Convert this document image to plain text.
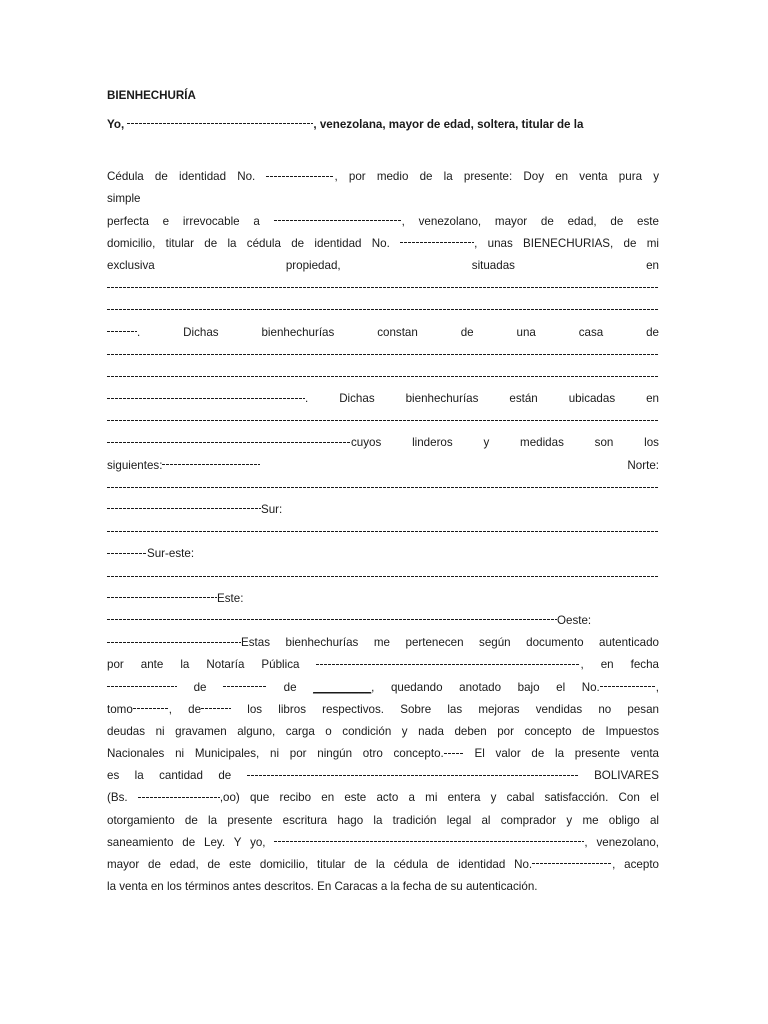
BIENHECHURÍA
Yo,	, venezolana, mayor de edad, soltera, titular de la
Cédula de identidad No.	, por medio de la presente: Doy en venta pura y
simple
perfecta e irrevocable a	, venezolano, mayor de edad, de este
domicilio, titular de la cédula de identidad No.	, unas BIENECHURIAS, de mi
exclusiva	propiedad,	situadas	en
.	Dichas	bienhechurías	constan	de	una	casa de
.	Dichas	bienhechurías	están	ubicadas	en
cuyos	linderos	y	medidas	son	los
siguientes:	Norte:
Sur:
Sur-este:
Este:
Oeste:
Estas bienhechurías me pertenecen según documento autenticado
por ante la Notaría Pública	, en fecha
de	de _________, quedando anotado bajo el No.	,
tomo	, de	los libros respectivos. Sobre las mejoras vendidas no pesan
deudas ni gravamen alguno, carga o condición y nada deben por concepto de Impuestos
Nacionales ni Municipales, ni por ningún otro concepto.	El valor de la presente venta
es la cantidad de	BOLIVARES
(Bs.	,oo) que recibo en este acto a mi entera y cabal satisfacción. Con el
otorgamiento de la presente escritura hago la tradición legal al comprador y me obligo al
saneamiento de Ley. Y yo,	, venezolano,
mayor de edad, de este domicilio, titular de la cédula de identidad No.	, acepto
la venta en los términos antes descritos. En Caracas a la fecha de su autenticación.
